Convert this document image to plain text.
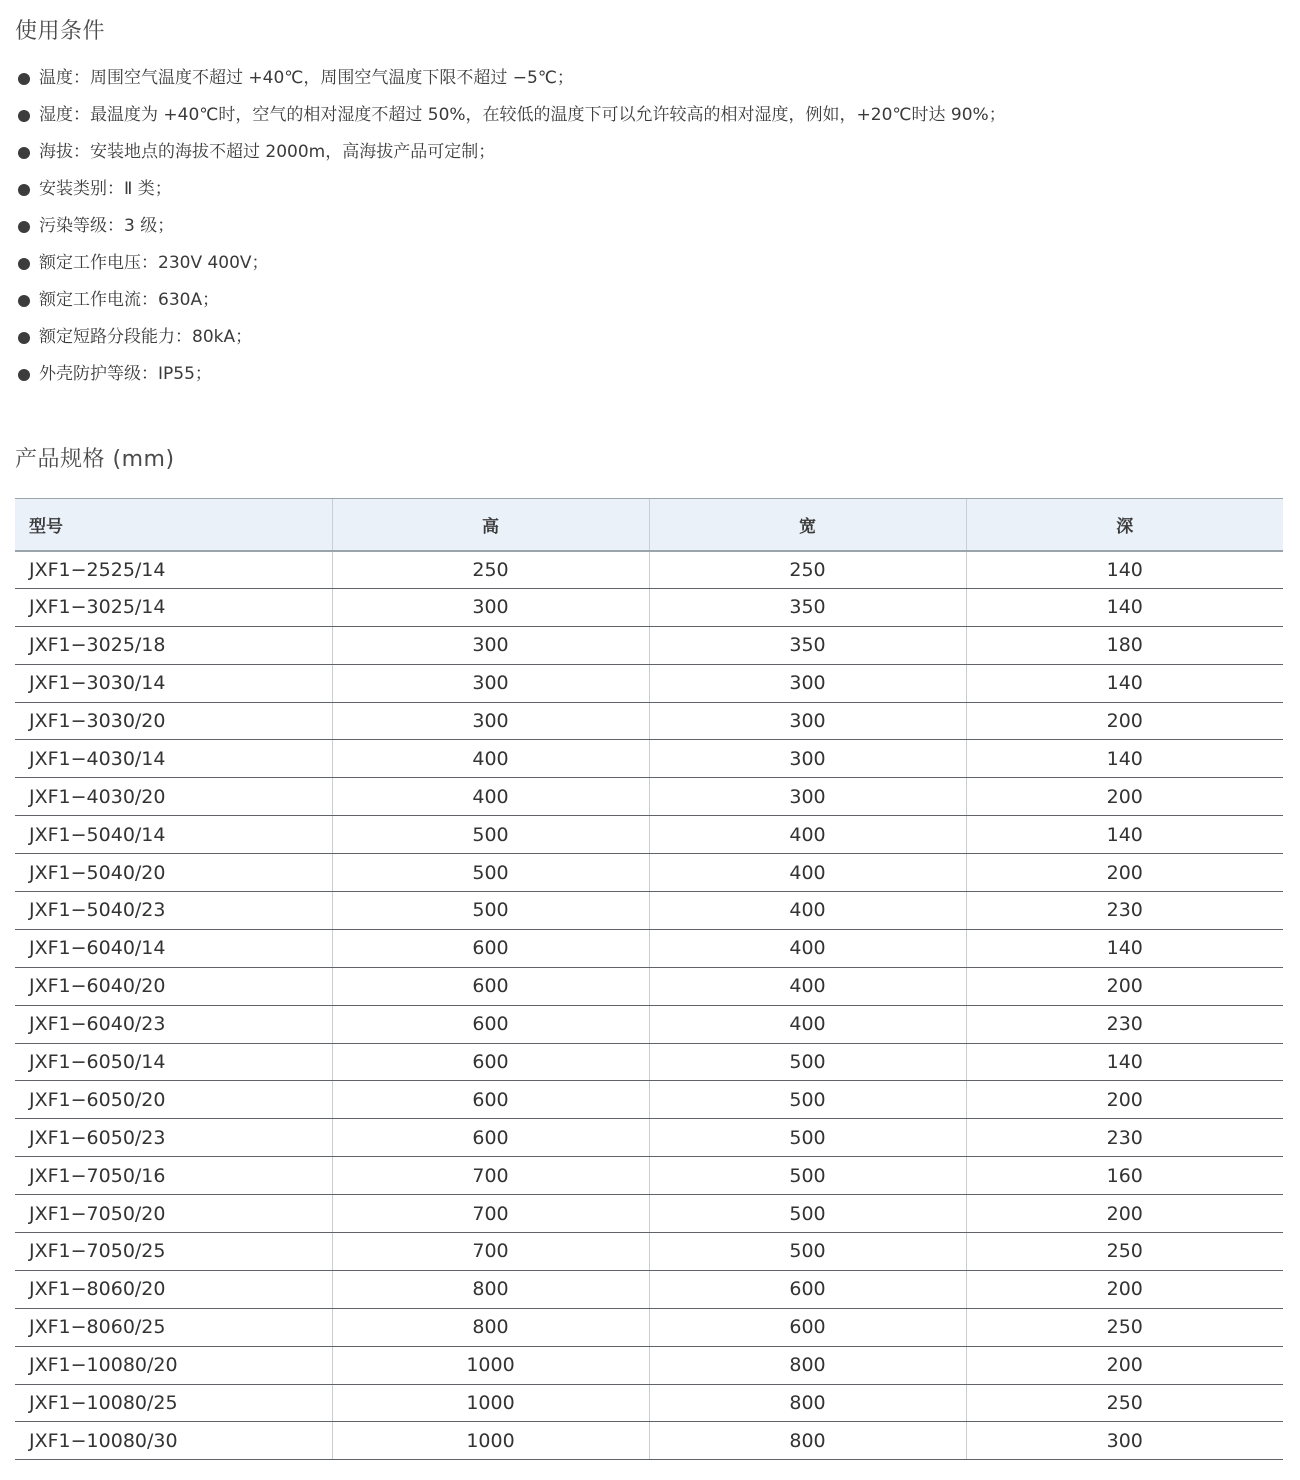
使用条件
温度：周围空气温度不超过 +40℃，周围空气温度下限不超过 −5℃；
湿度：最温度为 +40℃时，空气的相对湿度不超过 50%，在较低的温度下可以允许较高的相对湿度，例如，+20℃时达 90%；
海拔：安装地点的海拔不超过 2000m，高海拔产品可定制；
安装类别：Ⅱ 类；
污染等级：3 级；
额定工作电压：230V 400V；
额定工作电流：630A；
额定短路分段能力：80kA；
外壳防护等级：IP55；
产品规格 (mm)
型号	高	宽	深
JXF1−2525/14	250	250	140
JXF1−3025/14	300	350	140
JXF1−3025/18	300	350	180
JXF1−3030/14	300	300	140
JXF1−3030/20	300	300	200
JXF1−4030/14	400	300	140
JXF1−4030/20	400	300	200
JXF1−5040/14	500	400	140
JXF1−5040/20	500	400	200
JXF1−5040/23	500	400	230
JXF1−6040/14	600	400	140
JXF1−6040/20	600	400	200
JXF1−6040/23	600	400	230
JXF1−6050/14	600	500	140
JXF1−6050/20	600	500	200
JXF1−6050/23	600	500	230
JXF1−7050/16	700	500	160
JXF1−7050/20	700	500	200
JXF1−7050/25	700	500	250
JXF1−8060/20	800	600	200
JXF1−8060/25	800	600	250
JXF1−10080/20	1000	800	200
JXF1−10080/25	1000	800	250
JXF1−10080/30	1000	800	300
